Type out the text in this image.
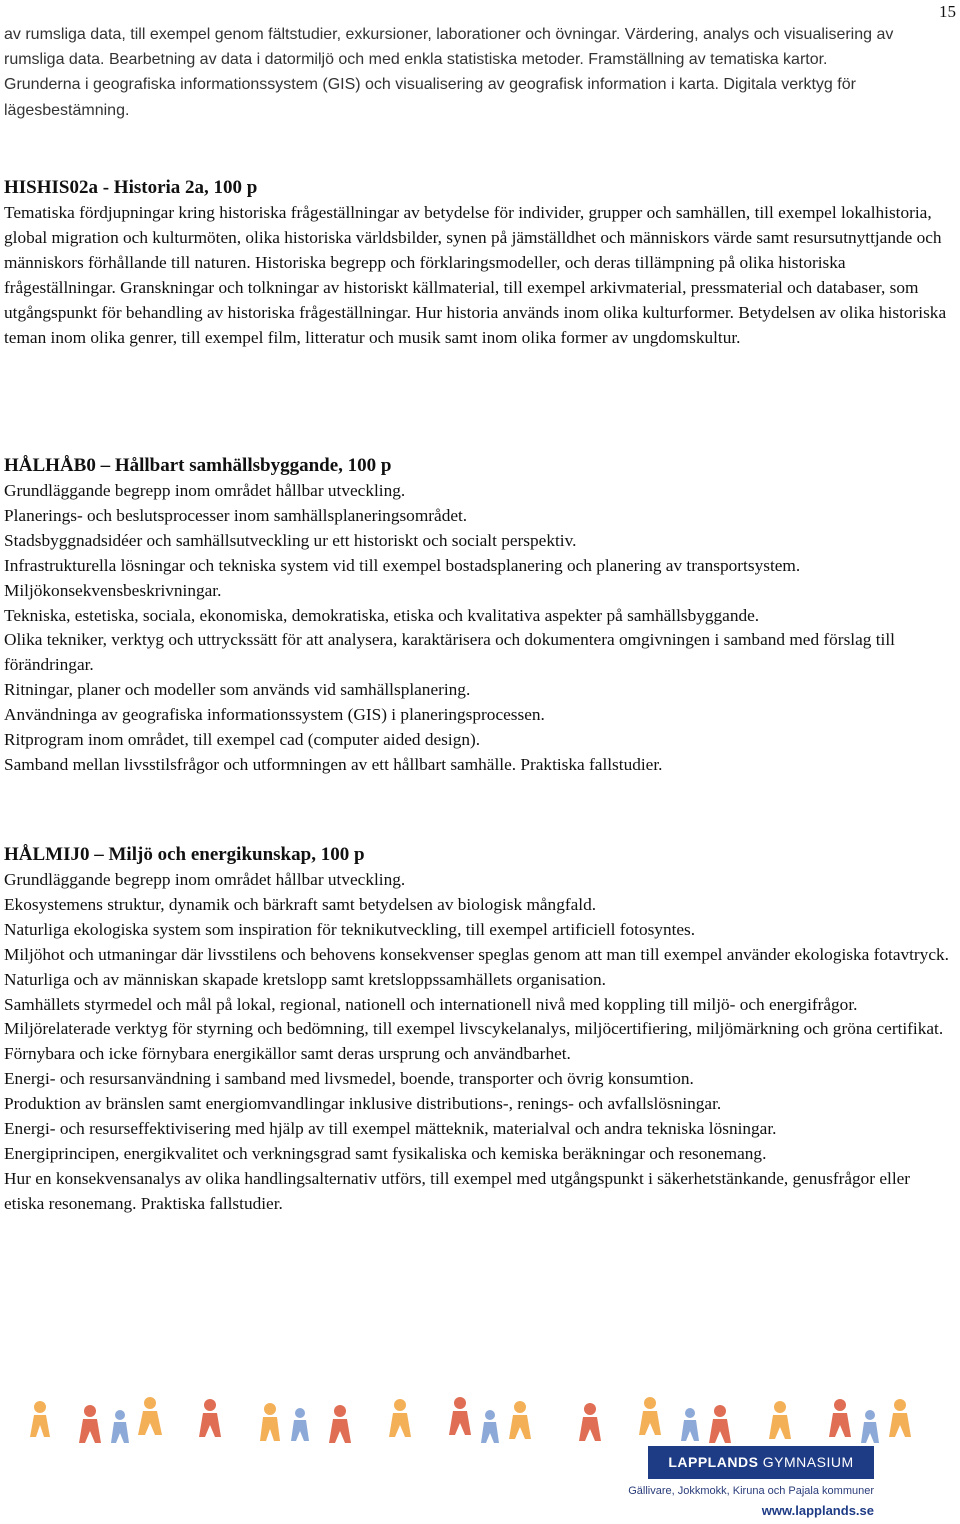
15
av rumsliga data, till exempel genom fältstudier, exkursioner, laborationer och övningar. Värdering, analys och visualisering av rumsliga data. Bearbetning av data i datormiljö och med enkla statistiska metoder. Framställning av tematiska kartor. Grunderna i geografiska informationssystem (GIS) och visualisering av geografisk information i karta. Digitala verktyg för lägesbestämning.

HISHIS02a - Historia 2a, 100 p

Tematiska fördjupningar kring historiska frågeställningar av betydelse för individer, grupper och samhällen, till exempel lokalhistoria, global migration och kulturmöten, olika historiska världsbilder, synen på jämställdhet och människors värde samt resursutnyttjande och människors förhållande till naturen. Historiska begrepp och förklaringsmodeller, och deras tillämpning på olika historiska frågeställningar. Granskningar och tolkningar av historiskt källmaterial, till exempel arkivmaterial, pressmaterial och databaser, som utgångspunkt för behandling av historiska frågeställningar. Hur historia används inom olika kulturformer. Betydelsen av olika historiska teman inom olika genrer, till exempel film, litteratur och musik samt inom olika former av ungdomskultur.

HÅLHÅB0 – Hållbart samhällsbyggande, 100 p

Grundläggande begrepp inom området hållbar utveckling.

Planerings- och beslutsprocesser inom samhällsplaneringsområdet.

Stadsbyggnadsidéer och samhällsutveckling ur ett historiskt och socialt perspektiv.

Infrastrukturella lösningar och tekniska system vid till exempel bostadsplanering och planering av transportsystem. Miljökonsekvensbeskrivningar.

Tekniska, estetiska, sociala, ekonomiska, demokratiska, etiska och kvalitativa aspekter på samhällsbyggande.

Olika tekniker, verktyg och uttryckssätt för att analysera, karaktärisera och dokumentera omgivningen i samband med förslag till förändringar.

Ritningar, planer och modeller som används vid samhällsplanering.

Användninga av geografiska informationssystem (GIS) i planeringsprocessen.

Ritprogram inom området, till exempel cad (computer aided design).

Samband mellan livsstilsfrågor och utformningen av ett hållbart samhälle. Praktiska fallstudier.

HÅLMIJ0 – Miljö och energikunskap, 100 p

Grundläggande begrepp inom området hållbar utveckling.

Ekosystemens struktur, dynamik och bärkraft samt betydelsen av biologisk mångfald.

Naturliga ekologiska system som inspiration för teknikutveckling, till exempel artificiell fotosyntes.

Miljöhot och utmaningar där livsstilens och behovens konsekvenser speglas genom att man till exempel använder ekologiska fotavtryck.

Naturliga och av människan skapade kretslopp samt kretsloppssamhällets organisation.

Samhällets styrmedel och mål på lokal, regional, nationell och internationell nivå med koppling till miljö- och energifrågor.

Miljörelaterade verktyg för styrning och bedömning, till exempel livscykelanalys, miljöcertifiering, miljömärkning och gröna certifikat.

Förnybara och icke förnybara energikällor samt deras ursprung och användbarhet.

Energi- och resursanvändning i samband med livsmedel, boende, transporter och övrig konsumtion.

Produktion av bränslen samt energiomvandlingar inklusive distributions-, renings- och avfallslösningar.

Energi- och resurseffektivisering med hjälp av till exempel mätteknik, materialval och andra tekniska lösningar.

Energiprincipen, energikvalitet och verkningsgrad samt fysikaliska och kemiska beräkningar och resonemang.

Hur en konsekvensanalys av olika handlingsalternativ utförs, till exempel med utgångspunkt i säkerhetstänkande, genusfrågor eller etiska resonemang. Praktiska fallstudier.

LAPPLANDS GYMNASIUM
Gällivare, Jokkmokk, Kiruna och Pajala kommuner
www.lapplands.se
